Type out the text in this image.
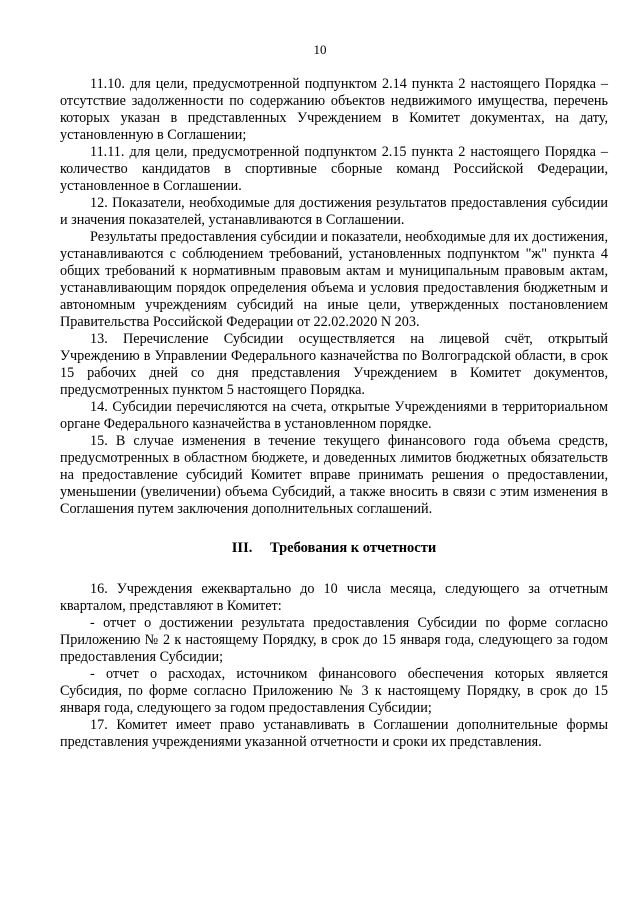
10

11.10. для цели, предусмотренной подпунктом 2.14 пункта 2 настоящего Порядка – отсутствие задолженности по содержанию объектов недвижимого имущества, перечень которых указан в представленных Учреждением в Комитет документах, на дату, установленную в Соглашении;

11.11. для цели, предусмотренной подпунктом 2.15 пункта 2 настоящего Порядка – количество кандидатов в спортивные сборные команд Российской Федерации, установленное в Соглашении.

12. Показатели, необходимые для достижения результатов предоставления субсидии и значения показателей, устанавливаются в Соглашении.

Результаты предоставления субсидии и показатели, необходимые для их достижения, устанавливаются с соблюдением требований, установленных подпунктом "ж" пункта 4 общих требований к нормативным правовым актам и муниципальным правовым актам, устанавливающим порядок определения объема и условия предоставления бюджетным и автономным учреждениям субсидий на иные цели, утвержденных постановлением Правительства Российской Федерации от 22.02.2020 N 203.

13. Перечисление Субсидии осуществляется на лицевой счёт, открытый Учреждению в Управлении Федерального казначейства по Волгоградской области, в срок 15 рабочих дней со дня представления Учреждением в Комитет документов, предусмотренных пунктом 5 настоящего Порядка.

14. Субсидии перечисляются на счета, открытые Учреждениями в территориальном органе Федерального казначейства в установленном порядке.

15. В случае изменения в течение текущего финансового года объема средств, предусмотренных в областном бюджете, и доведенных лимитов бюджетных обязательств на предоставление субсидий Комитет вправе принимать решения о предоставлении, уменьшении (увеличении) объема Субсидий, а также вносить в связи с этим изменения в Соглашения путем заключения дополнительных соглашений.

III. Требования к отчетности

16. Учреждения ежеквартально до 10 числа месяца, следующего за отчетным кварталом, представляют в Комитет:

- отчет о достижении результата предоставления Субсидии по форме согласно Приложению № 2 к настоящему Порядку, в срок до 15 января года, следующего за годом предоставления Субсидии;

- отчет о расходах, источником финансового обеспечения которых является Субсидия, по форме согласно Приложению № 3 к настоящему Порядку, в срок до 15 января года, следующего за годом предоставления Субсидии;

17. Комитет имеет право устанавливать в Соглашении дополнительные формы представления учреждениями указанной отчетности и сроки их представления.
